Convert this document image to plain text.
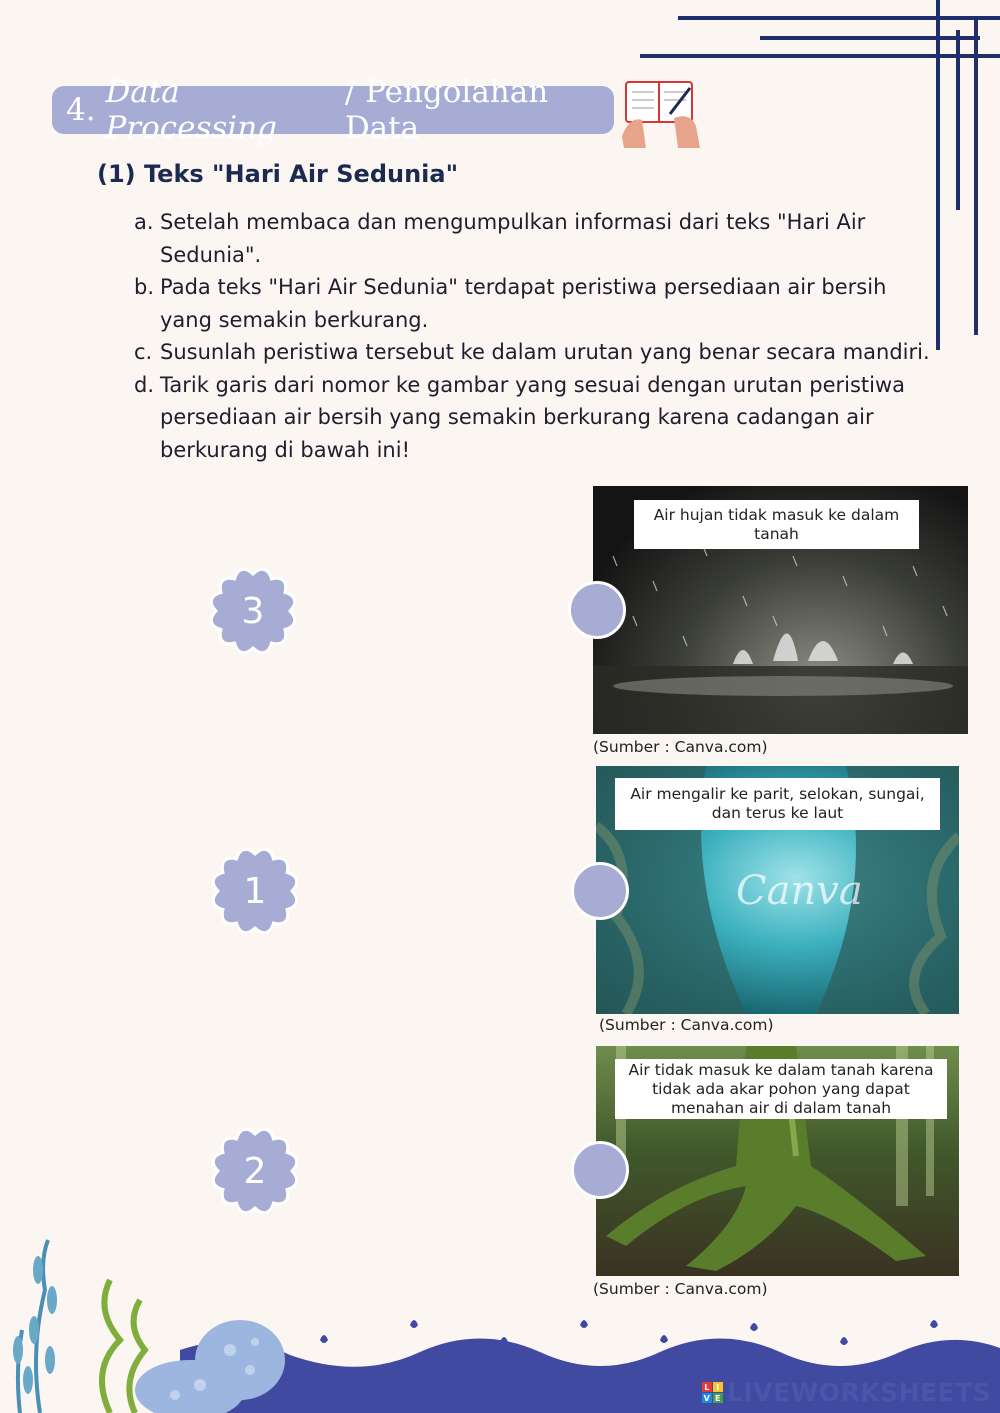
4.
Data Processing
/ Pengolahan Data
(1) Teks "Hari Air Sedunia"
a. Setelah membaca dan mengumpulkan informasi dari teks "Hari Air Sedunia".
b. Pada teks "Hari Air Sedunia" terdapat peristiwa persediaan air bersih yang semakin berkurang.
c. Susunlah peristiwa tersebut ke dalam urutan yang benar secara mandiri.
d. Tarik garis dari nomor ke gambar yang sesuai dengan urutan peristiwa persediaan air bersih yang semakin berkurang karena cadangan air berkurang di bawah ini!
3
1
2
Air hujan tidak masuk ke dalam tanah
(Sumber : Canva.com)
Canva
Air mengalir ke parit, selokan, sungai, dan terus ke laut
(Sumber : Canva.com)
Air tidak masuk ke dalam tanah karena tidak ada akar pohon yang dapat menahan air di dalam tanah
(Sumber : Canva.com)
L I
V E LIVEWORKSHEETS
